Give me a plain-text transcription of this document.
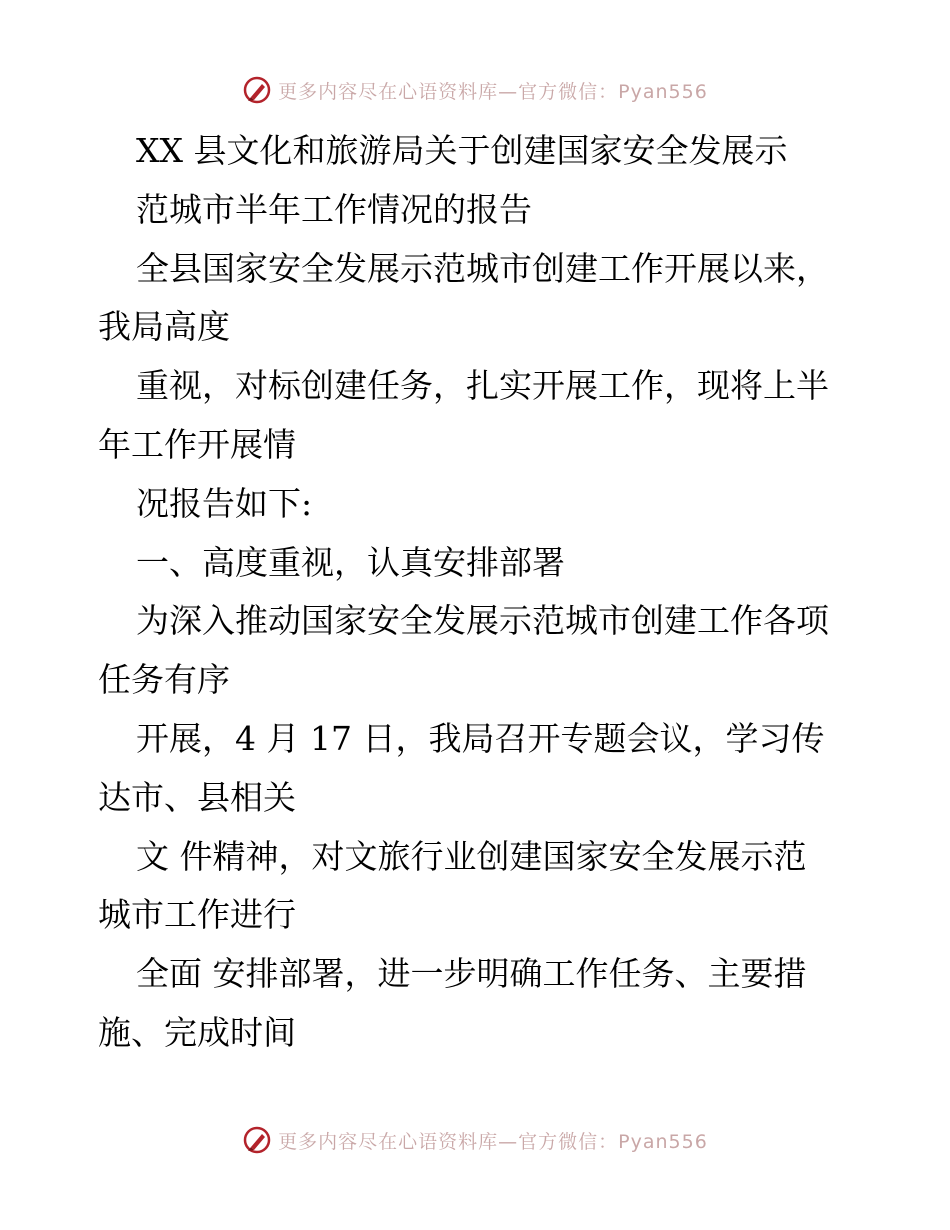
更多内容尽在心语资料库—官方微信：Pyan556
XX 县文化和旅游局关于创建国家安全发展示
范城市半年工作情况的报告
全县国家安全发展示范城市创建工作开展以来，
我局高度
重视，对标创建任务，扎实开展工作，现将上半
年工作开展情
况报告如下:
一、高度重视，认真安排部署
为深入推动国家安全发展示范城市创建工作各项
任务有序
开展，4 月 17 日，我局召开专题会议，学习传
达市、县相关
文 件精神，对文旅行业创建国家安全发展示范
城市工作进行
全面 安排部署，进一步明确工作任务、主要措
施、完成时间
更多内容尽在心语资料库—官方微信：Pyan556
